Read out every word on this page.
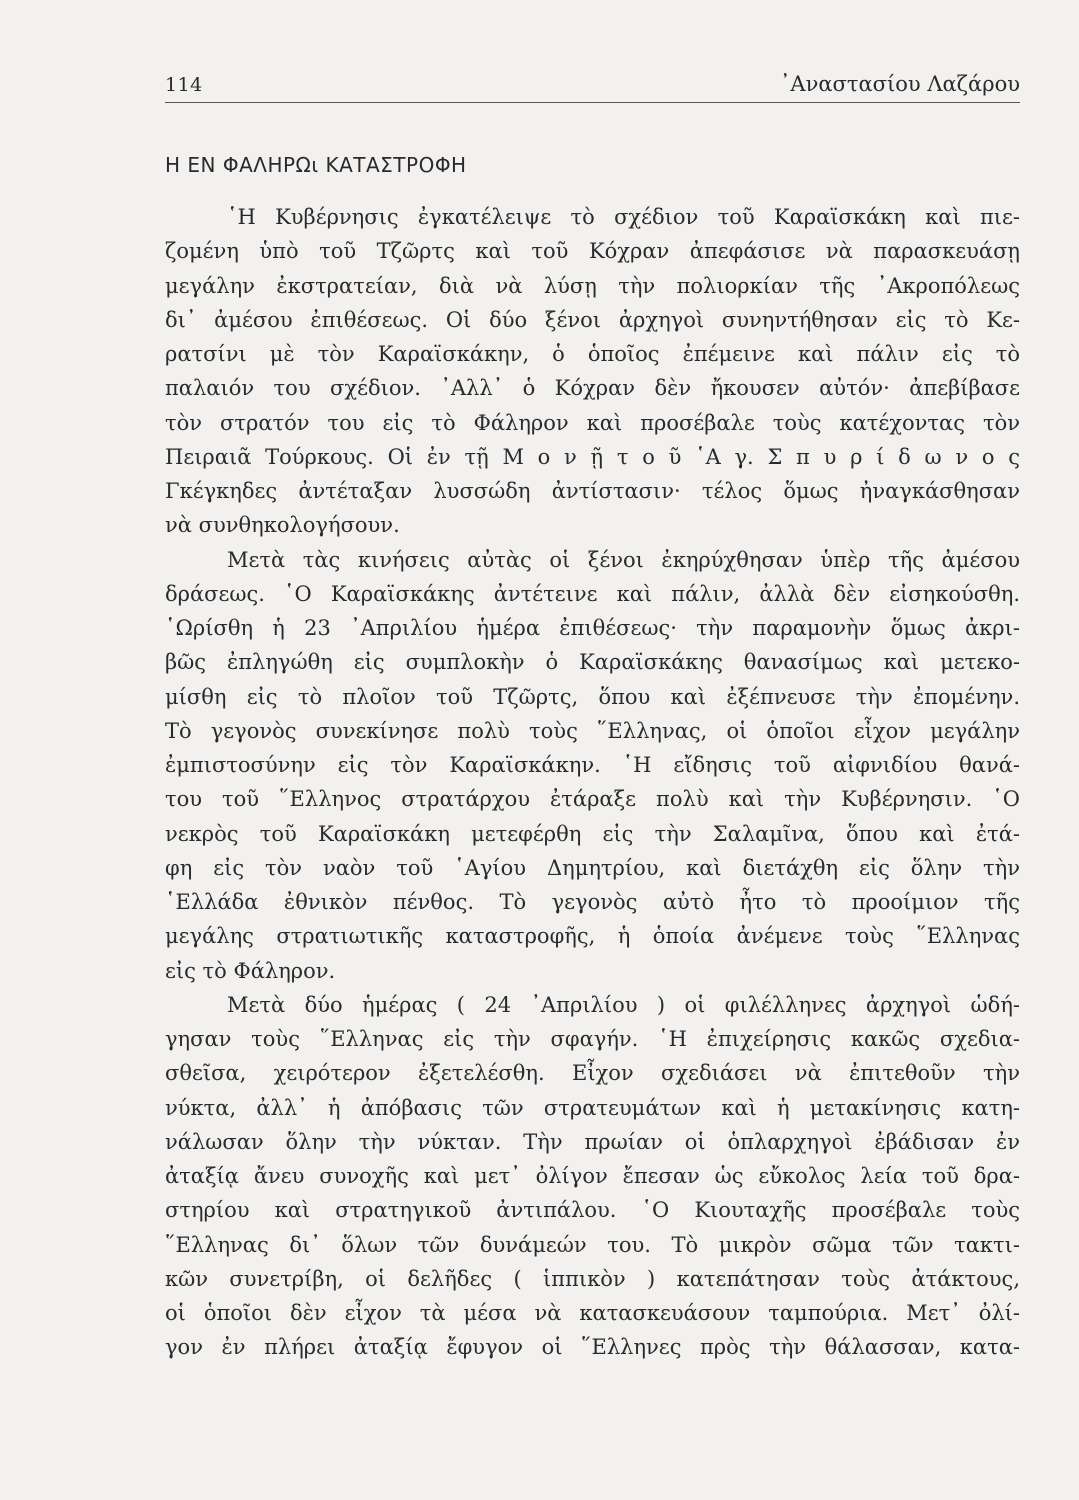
114	᾿Αναστασίου Λαζάρου
Η ΕΝ ΦΑΛΗΡΩι ΚΑΤΑΣΤΡΟΦΗ
῾Η Κυβέρνησις ἐγκατέλειψε τὸ σχέδιον τοῦ Καραϊσκάκη καὶ πιε-
ζομένη ὑπὸ τοῦ Τζῶρτς καὶ τοῦ Κόχραν ἀπεφάσισε νὰ παρασκευάσῃ
μεγάλην ἐκστρατείαν, διὰ νὰ λύσῃ τὴν πολιορκίαν τῆς ᾿Ακροπόλεως
δι᾿ ἀμέσου ἐπιθέσεως. Οἱ δύο ξένοι ἀρχηγοὶ συνηντήθησαν εἰς τὸ Κε-
ρατσίνι μὲ τὸν Καραϊσκάκην, ὁ ὁποῖος ἐπέμεινε καὶ πάλιν εἰς τὸ
παλαιόν του σχέδιον. ᾿Αλλ᾿ ὁ Κόχραν δὲν ἤκουσεν αὐτόν· ἀπεβίβασε
τὸν στρατόν του εἰς τὸ Φάληρον καὶ προσέβαλε τοὺς κατέχοντας τὸν
Πειραιᾶ Τούρκους. Οἱ ἐν τῇ Μ ο ν ῇ τ ο ῦ ῾Α γ. Σ π υ ρ ί δ ω ν ο ς
Γκέγκηδες ἀντέταξαν λυσσώδη ἀντίστασιν· τέλος ὅμως ἠναγκάσθησαν
νὰ συνθηκολογήσουν.
Μετὰ τὰς κινήσεις αὐτὰς οἱ ξένοι ἐκηρύχθησαν ὑπὲρ τῆς ἀμέσου
δράσεως. ῾Ο Καραϊσκάκης ἀντέτεινε καὶ πάλιν, ἀλλὰ δὲν εἰσηκούσθη.
῾Ωρίσθη ἡ 23 ᾿Απριλίου ἡμέρα ἐπιθέσεως· τὴν παραμονὴν ὅμως ἀκρι-
βῶς ἐπληγώθη εἰς συμπλοκὴν ὁ Καραϊσκάκης θανασίμως καὶ μετεκο-
μίσθη εἰς τὸ πλοῖον τοῦ Τζῶρτς, ὅπου καὶ ἐξέπνευσε τὴν ἐπομένην.
Τὸ γεγονὸς συνεκίνησε πολὺ τοὺς ῞Ελληνας, οἱ ὁποῖοι εἶχον μεγάλην
ἐμπιστοσύνην εἰς τὸν Καραϊσκάκην. ῾Η εἴδησις τοῦ αἰφνιδίου θανά-
του τοῦ ῞Ελληνος στρατάρχου ἐτάραξε πολὺ καὶ τὴν Κυβέρνησιν. ῾Ο
νεκρὸς τοῦ Καραϊσκάκη μετεφέρθη εἰς τὴν Σαλαμῖνα, ὅπου καὶ ἐτά-
φη εἰς τὸν ναὸν τοῦ ῾Αγίου Δημητρίου, καὶ διετάχθη εἰς ὅλην τὴν
῾Ελλάδα ἐθνικὸν πένθος. Τὸ γεγονὸς αὐτὸ ἦτο τὸ προοίμιον τῆς
μεγάλης στρατιωτικῆς καταστροφῆς, ἡ ὁποία ἀνέμενε τοὺς ῞Ελληνας
εἰς τὸ Φάληρον.
Μετὰ δύο ἡμέρας ( 24 ᾿Απριλίου ) οἱ φιλέλληνες ἀρχηγοὶ ὡδή-
γησαν τοὺς ῞Ελληνας εἰς τὴν σφαγήν. ῾Η ἐπιχείρησις κακῶς σχεδια-
σθεῖσα, χειρότερον ἐξετελέσθη. Εἶχον σχεδιάσει νὰ ἐπιτεθοῦν τὴν
νύκτα, ἀλλ᾿ ἡ ἀπόβασις τῶν στρατευμάτων καὶ ἡ μετακίνησις κατη-
νάλωσαν ὅλην τὴν νύκταν. Τὴν πρωίαν οἱ ὁπλαρχηγοὶ ἐβάδισαν ἐν
ἀταξίᾳ ἄνευ συνοχῆς καὶ μετ᾿ ὀλίγον ἔπεσαν ὡς εὔκολος λεία τοῦ δρα-
στηρίου καὶ στρατηγικοῦ ἀντιπάλου. ῾Ο Κιουταχῆς προσέβαλε τοὺς
῞Ελληνας δι᾿ ὅλων τῶν δυνάμεών του. Τὸ μικρὸν σῶμα τῶν τακτι-
κῶν συνετρίβη, οἱ δελῆδες ( ἱππικὸν ) κατεπάτησαν τοὺς ἀτάκτους,
οἱ ὁποῖοι δὲν εἶχον τὰ μέσα νὰ κατασκευάσουν ταμπούρια. Μετ᾿ ὀλί-
γον ἐν πλήρει ἀταξίᾳ ἔφυγον οἱ ῞Ελληνες πρὸς τὴν θάλασσαν, κατα-
